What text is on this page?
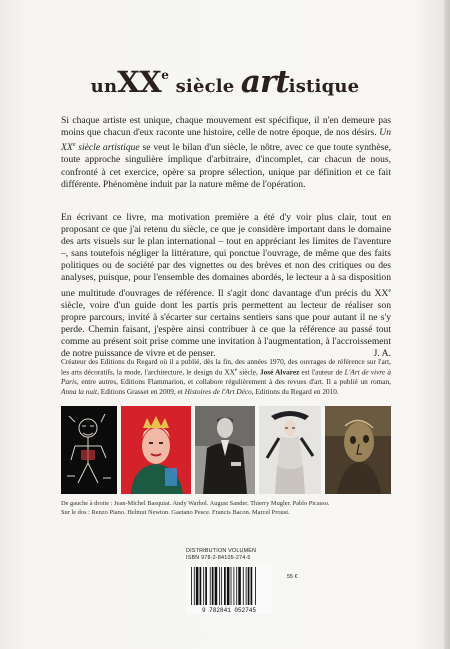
unXX$^e$ siècle artistique

Si chaque artiste est unique, chaque mouvement est spécifique, il n'en demeure pas moins que chacun d'eux raconte une histoire, celle de notre époque, de nos désirs. Un XXe siècle artistique se veut le bilan d'un siècle, le nôtre, avec ce que toute synthèse, toute approche singulière implique d'arbitraire, d'incomplet, car chacun de nous, confronté à cet exercice, opère sa propre sélection, unique par définition et ce fait différente. Phénomène induit par la nature même de l'opération.

En écrivant ce livre, ma motivation première a été d'y voir plus clair, tout en proposant ce que j'ai retenu du siècle, ce que je considère important dans le domaine des arts visuels sur le plan international – tout en appréciant les limites de l'aventure –, sans toutefois négliger la littérature, qui ponctue l'ouvrage, de même que des faits politiques ou de société par des vignettes ou des brèves et non des critiques ou des analyses, puisque, pour l'ensemble des domaines abordés, le lecteur a à sa disposition une multitude d'ouvrages de référence. Il s'agit donc davantage d'un précis du XXe siècle, voire d'un guide dont les partis pris permettent au lecteur de réaliser son propre parcours, invité à s'écarter sur certains sentiers sans que pour autant il ne s'y perde. Chemin faisant, j'espère ainsi contribuer à ce que la référence au passé tout comme au présent soit prise comme une invitation à l'augmentation, à l'accroissement de notre puissance de vivre et de penser.	J. A.

Créateur des Editions du Regard où il a publié, dès la fin, des années 1970, des ouvrages de référence sur l'art, les arts décoratifs, la mode, l'architecture, le design du XXe siècle, José Alvarez est l'auteur de L'Art de vivre à Paris, entre autres, Editions Flammarion, et collabore régulièrement à des revues d'art. Il a publié un roman, Anna la nuit, Editions Grasset en 2009, et Histoires de l'Art Déco, Editions du Regard en 2010.
De gauche à droite : Jean-Michel Basquiat. Andy Warhol. August Sander. Thierry Mugler. Pablo Picasso.
Sur le dos : Renzo Piano. Helmut Newton. Gaetano Pesce. Francis Bacon. Marcel Proust.
DISTRIBUTION VOLUMEN
ISBN 978-2-84105-274-5
9 782841 052745
55 €
